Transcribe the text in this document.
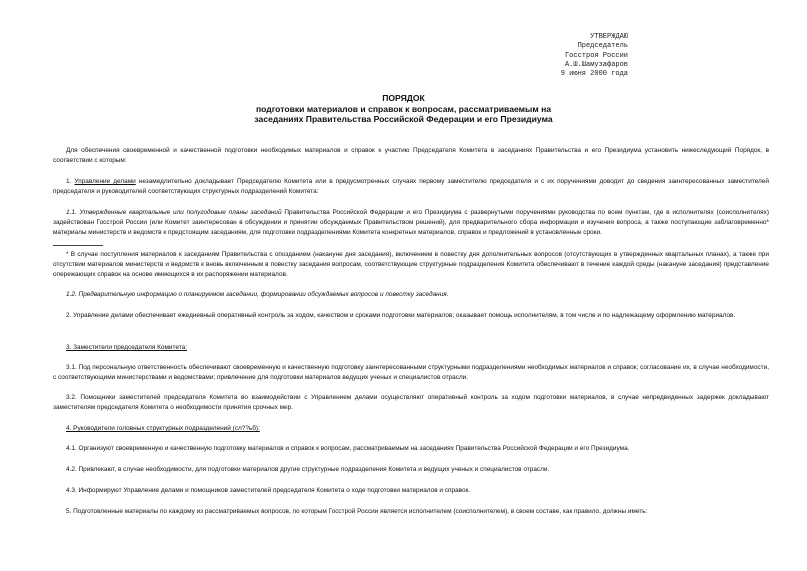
УТВЕРЖДАЮ
Председатель
Госстроя России
А.Ш.Шамузафаров
9 июня 2000 года
ПОРЯДОК
подготовки материалов и справок к вопросам, рассматриваемым на
заседаниях Правительства Российской Федерации и его Президиума

Для обеспечения своевременной и качественной подготовки необходимых материалов и справок к участию Председателя Комитета в заседаниях Правительства и его Президиума установить нижеследующий Порядок, в соответствии с которым:

1. Управление делами незамедлительно докладывает Председателю Комитета или в предусмотренных случаях первому заместителю председателя и с их поручениями доводит до сведения заинтересованных заместителей председателя и руководителей соответствующих структурных подразделений Комитета:

1.1. Утвержденные квартальные или полугодовые планы заседаний Правительства Российской Федерации и его Президиума с развернутыми поручениями руководства по всем пунктам, где в исполнителях (соисполнителях) задействован Госстрой России (или Комитет заинтересован в обсуждении и принятии обсуждаемых Правительством решений), для предварительного сбора информации и изучения вопроса, а также поступающие заблаговременно* материалы министерств и ведомств к предстоящим заседаниям, для подготовки подразделениями Комитета конкретных материалов, справок и предложений в установленные сроки.

* В случае поступления материалов к заседаниям Правительства с опозданием (накануне дня заседания), включением в повестку дня дополнительных вопросов (отсутствующих в утвержденных квартальных планах), а также при отсутствии материалов министерств и ведомств к вновь включенным в повестку заседания вопросам, соответствующие структурные подразделения Комитета обеспечивают в течение каждой среды (накануне заседания) представление опережающих справок на основе имеющихся в их распоряжении материалов.

1.2. Предварительную информацию о планируемом заседании, формировании обсуждаемых вопросов и повестку заседания.

2. Управление делами обеспечивает ежедневный оперативный контроль за ходом, качеством и сроками подготовки материалов; оказывает помощь исполнителям, в том числе и по надлежащему оформлению материалов.

3. Заместители председателя Комитета:

3.1. Под персональную ответственность обеспечивают своевременную и качественную подготовку заинтересованными структурными подразделениями необходимых материалов и справок; согласование их, в случае необходимости, с соответствующими министерствами и ведомствами; привлечение для подготовки материалов ведущих ученых и специалистов отрасли.

3.2. Помощники заместителей председателя Комитета во взаимодействии с Управлением делами осуществляют оперативный контроль за ходом подготовки материалов, в случае непредвиденных задержек докладывают заместителям председателя Комитета о необходимости принятия срочных мер.

4. Руководители головных структурных подразделений (сл??ьб):

4.1. Организуют своевременную и качественную подготовку материалов и справок к вопросам, рассматриваемым на заседаниях Правительства Российской Федерации и его Президиума.

4.2. Привлекают, в случае необходимости, для подготовки материалов другие структурные подразделения Комитета и ведущих ученых и специалистов отрасли.

4.3. Информируют Управление делами и помощников заместителей председателя Комитета о ходе подготовки материалов и справок.

5. Подготовленные материалы по каждому из рассматриваемых вопросов, по которым Госстрой России является исполнителем (соисполнителем), в своем составе, как правило, должны иметь:
